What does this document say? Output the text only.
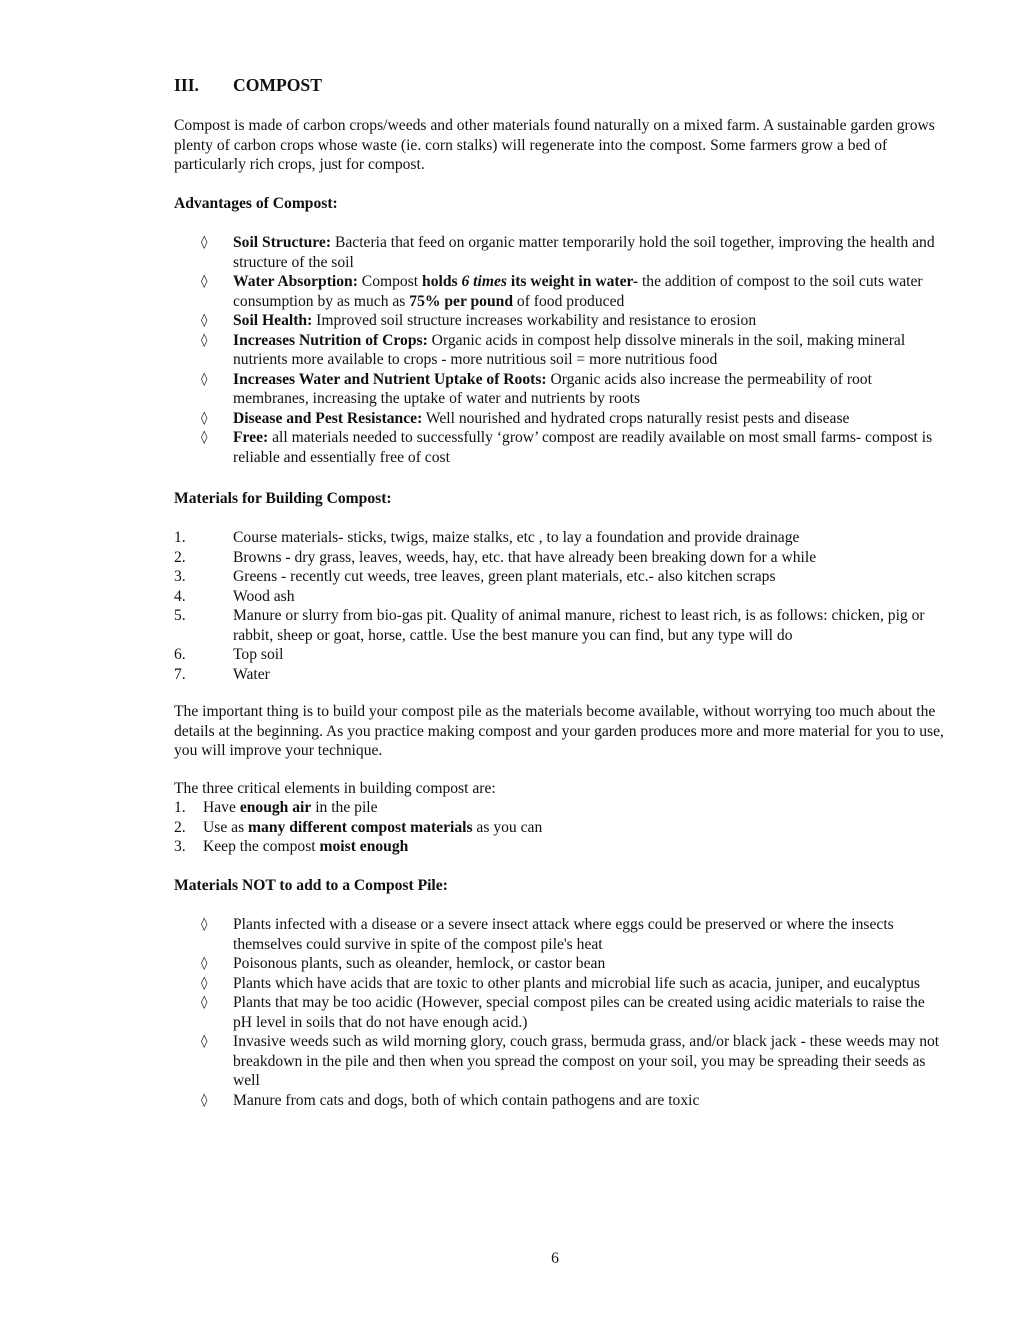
III. COMPOST

Compost is made of carbon crops/weeds and other materials found naturally on a mixed farm. A sustainable garden grows plenty of carbon crops whose waste (ie. corn stalks) will regenerate into the compost. Some farmers grow a bed of particularly rich crops, just for compost.

Advantages of Compost:
◊ Soil Structure: Bacteria that feed on organic matter temporarily hold the soil together, improving the health and structure of the soil
◊ Water Absorption: Compost holds 6 times its weight in water- the addition of compost to the soil cuts water consumption by as much as 75% per pound of food produced
◊ Soil Health: Improved soil structure increases workability and resistance to erosion
◊ Increases Nutrition of Crops: Organic acids in compost help dissolve minerals in the soil, making mineral nutrients more available to crops - more nutritious soil = more nutritious food
◊ Increases Water and Nutrient Uptake of Roots: Organic acids also increase the permeability of root membranes, increasing the uptake of water and nutrients by roots
◊ Disease and Pest Resistance: Well nourished and hydrated crops naturally resist pests and disease
◊ Free: all materials needed to successfully ‘grow’ compost are readily available on most small farms- compost is reliable and essentially free of cost
Materials for Building Compost:
1.	Course materials- sticks, twigs, maize stalks, etc , to lay a foundation and provide drainage
2.	Browns - dry grass, leaves, weeds, hay, etc. that have already been breaking down for a while
3.	Greens - recently cut weeds, tree leaves, green plant materials, etc.- also kitchen scraps
4.	Wood ash
5.	Manure or slurry from bio-gas pit. Quality of animal manure, richest to least rich, is as follows: chicken, pig or rabbit, sheep or goat, horse, cattle. Use the best manure you can find, but any type will do
6.	Top soil
7.	Water

The important thing is to build your compost pile as the materials become available, without worrying too much about the details at the beginning. As you practice making compost and your garden produces more and more material for you to use, you will improve your technique.

The three critical elements in building compost are:

1. Have enough air in the pile
2. Use as many different compost materials as you can
3. Keep the compost moist enough
Materials NOT to add to a Compost Pile:
◊ Plants infected with a disease or a severe insect attack where eggs could be preserved or where the insects themselves could survive in spite of the compost pile's heat
◊ Poisonous plants, such as oleander, hemlock, or castor bean
◊ Plants which have acids that are toxic to other plants and microbial life such as acacia, juniper, and eucalyptus
◊ Plants that may be too acidic (However, special compost piles can be created using acidic materials to raise the pH level in soils that do not have enough acid.)
◊ Invasive weeds such as wild morning glory, couch grass, bermuda grass, and/or black jack - these weeds may not breakdown in the pile and then when you spread the compost on your soil, you may be spreading their seeds as well
◊ Manure from cats and dogs, both of which contain pathogens and are toxic
6
